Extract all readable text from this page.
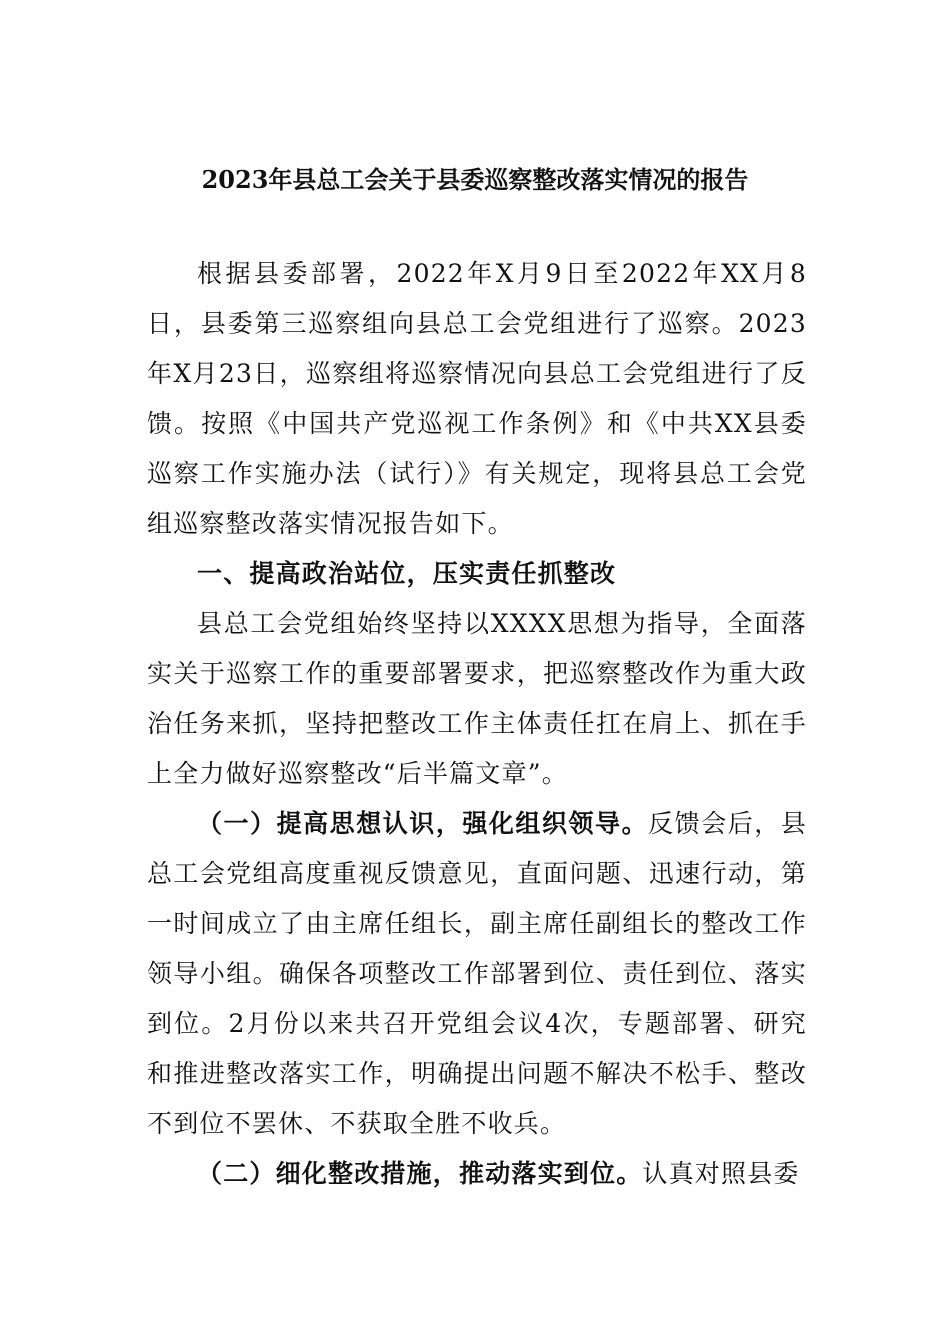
2023年县总工会关于县委巡察整改落实情况的报告

根据县委部署，2022年X月9日至2022年XX月8日，县委第三巡察组向县总工会党组进行了巡察。2023年X月23日，巡察组将巡察情况向县总工会党组进行了反馈。按照《中国共产党巡视工作条例》和《中共XX县委巡察工作实施办法（试行）》有关规定，现将县总工会党组巡察整改落实情况报告如下。

一、提高政治站位，压实责任抓整改

县总工会党组始终坚持以XXXX思想为指导，全面落实关于巡察工作的重要部署要求，把巡察整改作为重大政治任务来抓，坚持把整改工作主体责任扛在肩上、抓在手上全力做好巡察整改“后半篇文章”。

（一）提高思想认识，强化组织领导。反馈会后，县总工会党组高度重视反馈意见，直面问题、迅速行动，第一时间成立了由主席任组长，副主席任副组长的整改工作领导小组。确保各项整改工作部署到位、责任到位、落实到位。2月份以来共召开党组会议4次，专题部署、研究和推进整改落实工作，明确提出问题不解决不松手、整改不到位不罢休、不获取全胜不收兵。

（二）细化整改措施，推动落实到位。认真对照县委
